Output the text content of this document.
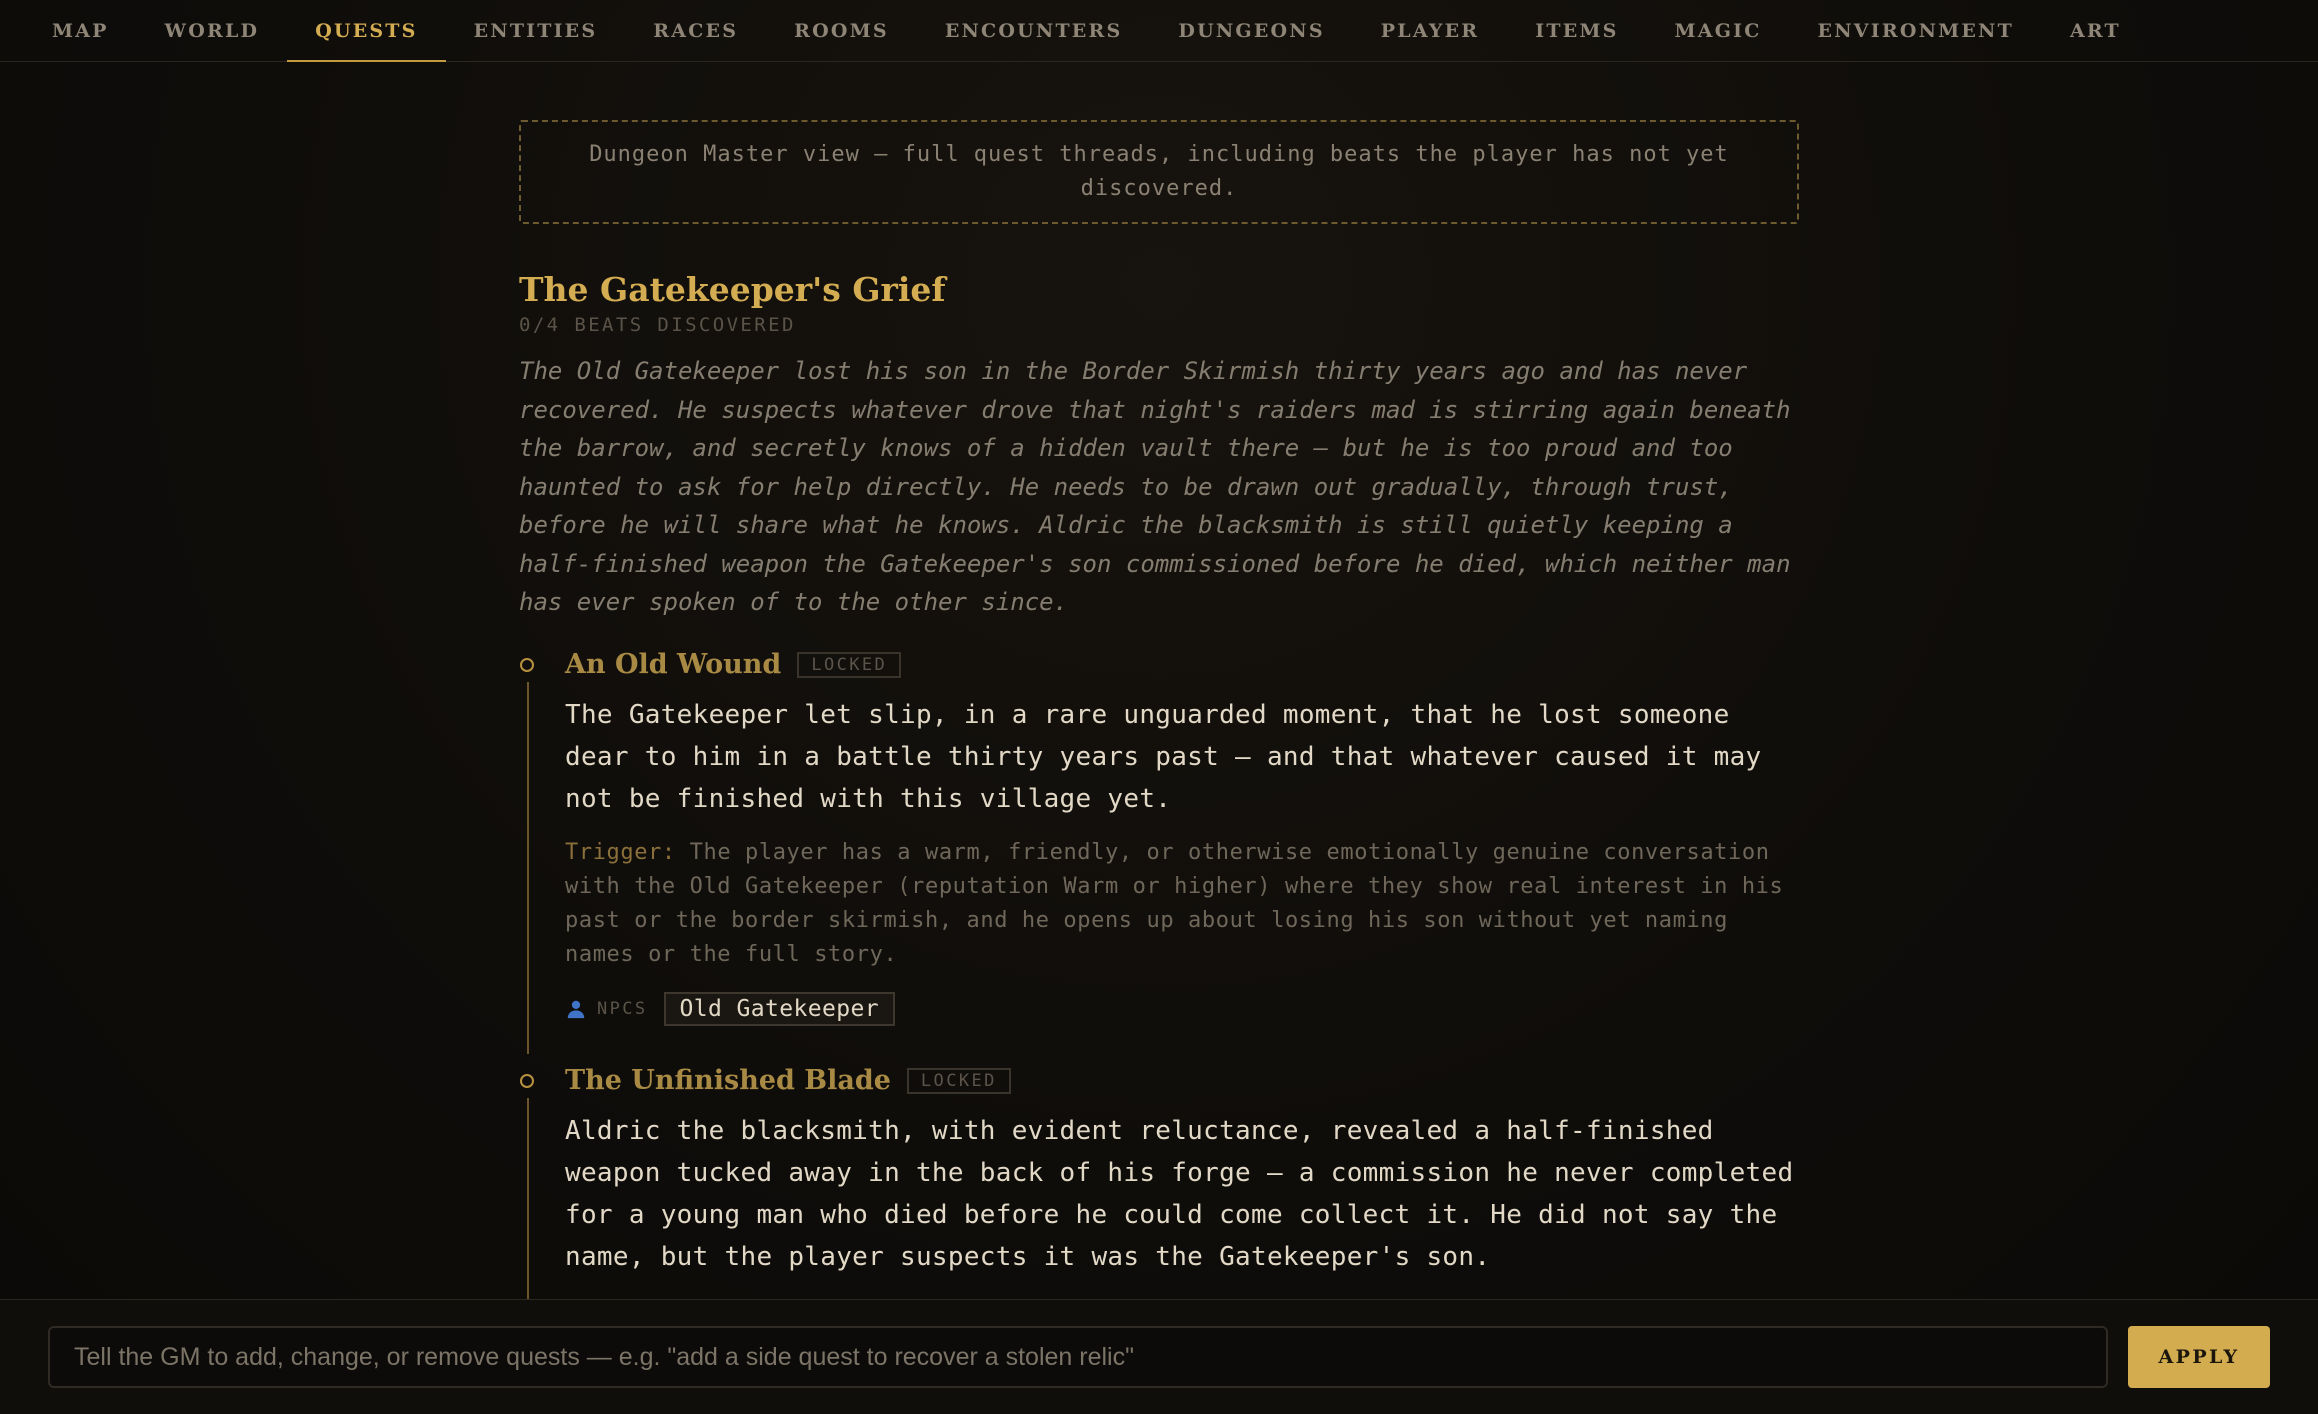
MAP	WORLD	QUESTS	ENTITIES	RACES	ROOMS	ENCOUNTERS	DUNGEONS	PLAYER	ITEMS	MAGIC	ENVIRONMENT	ART
Dungeon Master view — full quest threads, including beats the player has not yet discovered.
The Gatekeeper's Grief
0/4 BEATS DISCOVERED

The Old Gatekeeper lost his son in the Border Skirmish thirty years ago and has never recovered. He suspects whatever drove that night's raiders mad is stirring again beneath the barrow, and secretly knows of a hidden vault there — but he is too proud and too haunted to ask for help directly. He needs to be drawn out gradually, through trust, before he will share what he knows. Aldric the blacksmith is still quietly keeping a half-finished weapon the Gatekeeper's son commissioned before he died, which neither man has ever spoken of to the other since.

An Old Wound	LOCKED
The Gatekeeper let slip, in a rare unguarded moment, that he lost someone dear to him in a battle thirty years past — and that whatever caused it may not be finished with this village yet.
Trigger: The player has a warm, friendly, or otherwise emotionally genuine conversation with the Old Gatekeeper (reputation Warm or higher) where they show real interest in his past or the border skirmish, and he opens up about losing his son without yet naming names or the full story.
NPCS	Old Gatekeeper
The Unfinished Blade	LOCKED
Aldric the blacksmith, with evident reluctance, revealed a half-finished weapon tucked away in the back of his forge — a commission he never completed for a young man who died before he could come collect it. He did not say the name, but the player suspects it was the Gatekeeper's son.
Tell the GM to add, change, or remove quests — e.g. "add a side quest to recover a stolen relic"
APPLY
